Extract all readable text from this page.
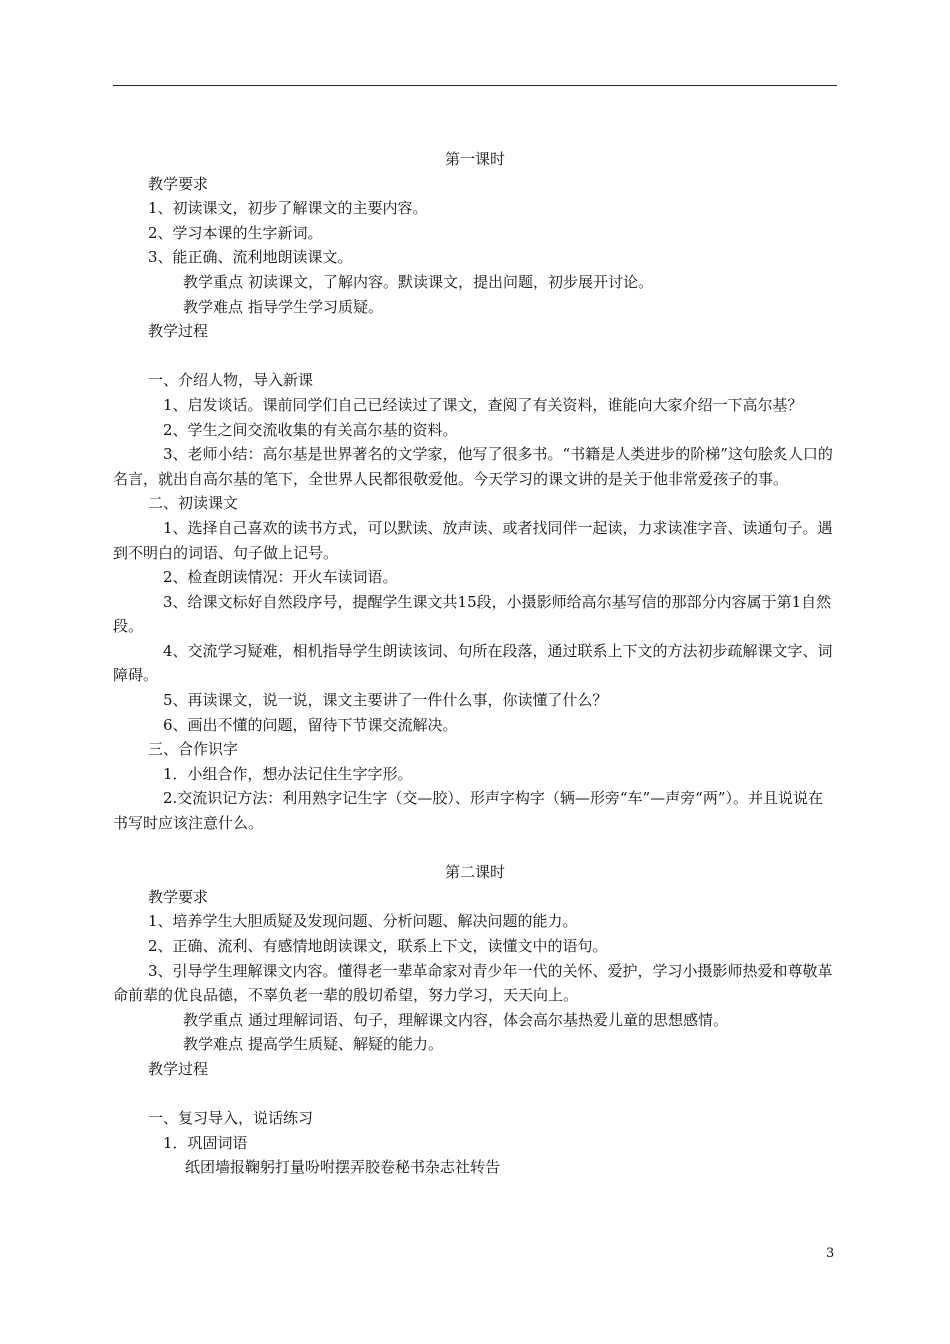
第一课时

教学要求

1、初读课文，初步了解课文的主要内容。

2、学习本课的生字新词。

3、能正确、流利地朗读课文。

教学重点 初读课文，了解内容。默读课文，提出问题，初步展开讨论。

教学难点 指导学生学习质疑。

教学过程

一、介绍人物，导入新课

1、启发谈话。课前同学们自己已经读过了课文，查阅了有关资料，谁能向大家介绍一下高尔基？

2、学生之间交流收集的有关高尔基的资料。

3、老师小结：高尔基是世界著名的文学家，他写了很多书。“书籍是人类进步的阶梯”这句脍炙人口的名言，就出自高尔基的笔下，全世界人民都很敬爱他。今天学习的课文讲的是关于他非常爱孩子的事。

二、初读课文

1、选择自己喜欢的读书方式，可以默读、放声读、或者找同伴一起读，力求读准字音、读通句子。遇到不明白的词语、句子做上记号。

2、检查朗读情况：开火车读词语。

3、给课文标好自然段序号，提醒学生课文共15段，小摄影师给高尔基写信的那部分内容属于第1自然段。

4、交流学习疑难，相机指导学生朗读该词、句所在段落，通过联系上下文的方法初步疏解课文字、词障碍。

5、再读课文，说一说，课文主要讲了一件什么事，你读懂了什么？

6、画出不懂的问题，留待下节课交流解决。

三、合作识字

1．小组合作，想办法记住生字字形。

2.交流识记方法：利用熟字记生字（交—胶）、形声字构字（辆—形旁“车”—声旁“两”）。并且说说在书写时应该注意什么。

第二课时

教学要求

1、培养学生大胆质疑及发现问题、分析问题、解决问题的能力。

2、正确、流利、有感情地朗读课文，联系上下文，读懂文中的语句。

3、引导学生理解课文内容。懂得老一辈革命家对青少年一代的关怀、爱护，学习小摄影师热爱和尊敬革命前辈的优良品德，不辜负老一辈的殷切希望，努力学习，天天向上。

教学重点 通过理解词语、句子，理解课文内容，体会高尔基热爱儿童的思想感情。

教学难点 提高学生质疑、解疑的能力。

教学过程

一、复习导入，说话练习

1．巩固词语

纸团墙报鞠躬打量吩咐摆弄胶卷秘书杂志社转告

3
